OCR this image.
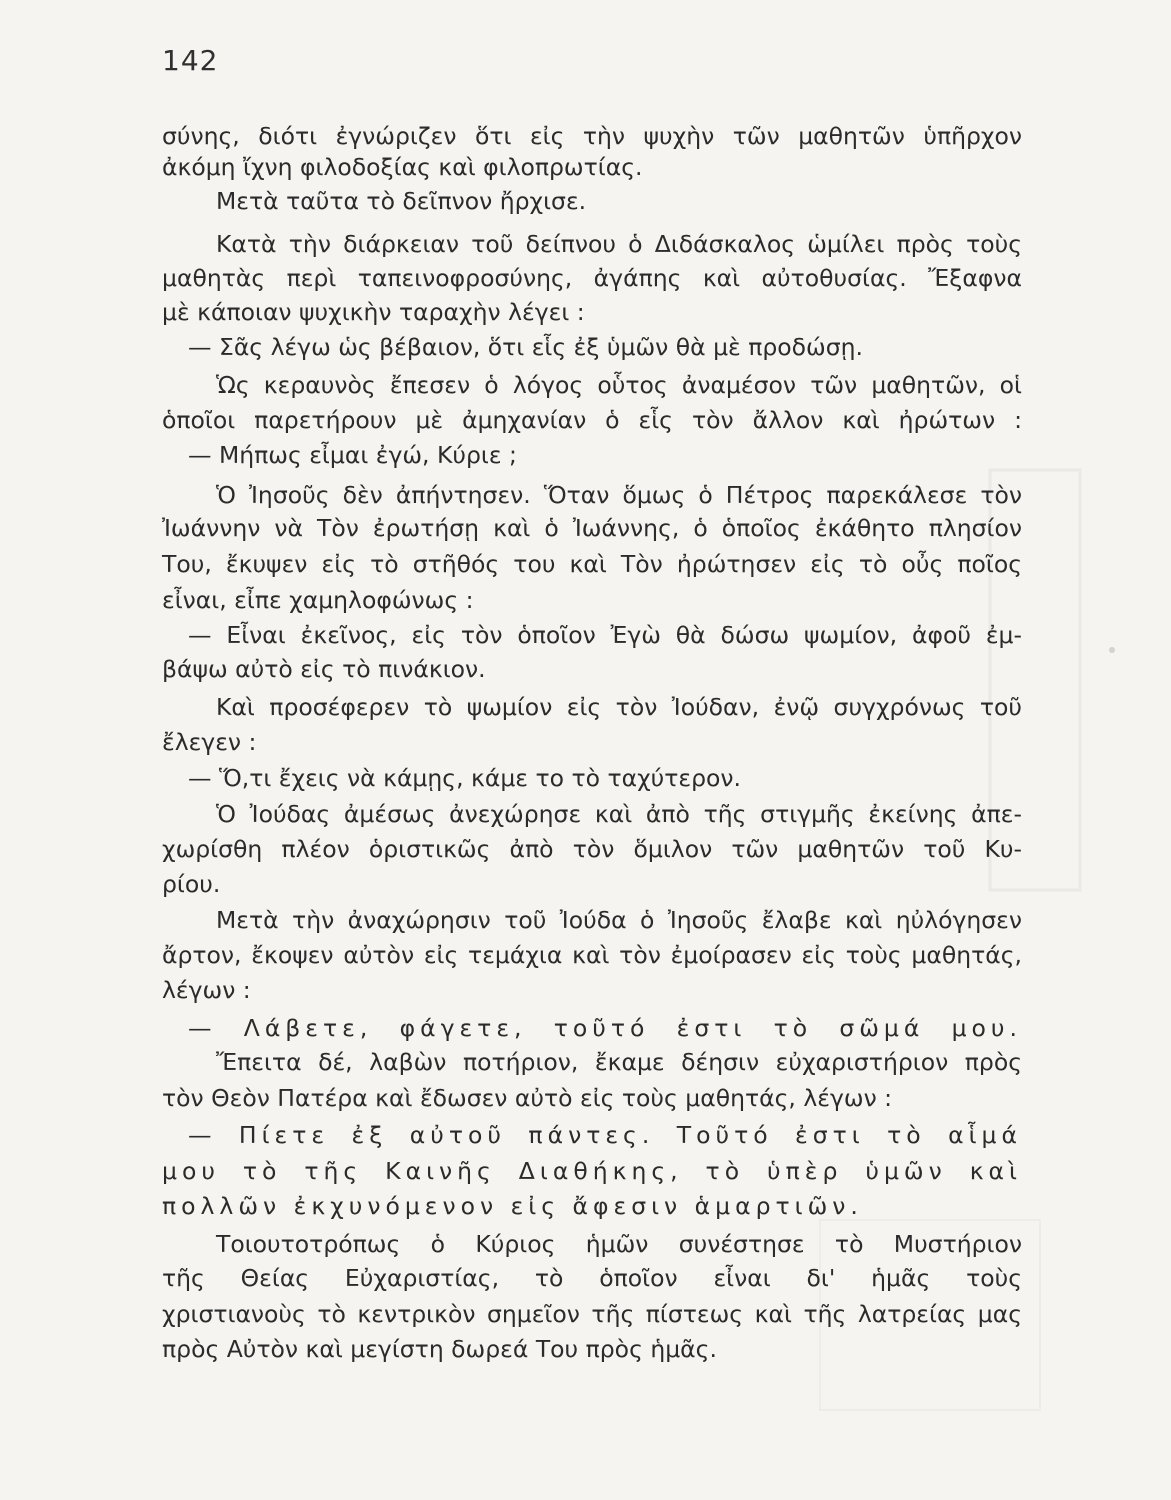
142
σύνης, διότι ἐγνώριζεν ὅτι εἰς τὴν ψυχὴν τῶν μαθητῶν ὑπῆρχον
ἀκόμη ἴχνη φιλοδοξίας καὶ φιλοπρωτίας.
Μετὰ ταῦτα τὸ δεῖπνον ἤρχισε.
Κατὰ τὴν διάρκειαν τοῦ δείπνου ὁ Διδάσκαλος ὡμίλει πρὸς τοὺς
μαθητὰς περὶ ταπεινοφροσύνης, ἀγάπης καὶ αὐτοθυσίας. Ἔξαφνα
μὲ κάποιαν ψυχικὴν ταραχὴν λέγει :
— Σᾶς λέγω ὡς βέβαιον, ὅτι εἷς ἐξ ὑμῶν θὰ μὲ προδώσῃ.
Ὡς κεραυνὸς ἔπεσεν ὁ λόγος οὗτος ἀναμέσον τῶν μαθητῶν, οἱ
ὁποῖοι παρετήρουν μὲ ἀμηχανίαν ὁ εἷς τὸν ἄλλον καὶ ἠρώτων :
— Μήπως εἶμαι ἐγώ, Κύριε ;
Ὁ Ἰησοῦς δὲν ἀπήντησεν. Ὅταν ὅμως ὁ Πέτρος παρεκάλεσε τὸν
Ἰωάννην νὰ Τὸν ἐρωτήσῃ καὶ ὁ Ἰωάννης, ὁ ὁποῖος ἐκάθητο πλησίον
Του, ἔκυψεν εἰς τὸ στῆθός του καὶ Τὸν ἠρώτησεν εἰς τὸ οὖς ποῖος
εἶναι, εἶπε χαμηλοφώνως :
— Εἶναι ἐκεῖνος, εἰς τὸν ὁποῖον Ἐγὼ θὰ δώσω ψωμίον, ἀφοῦ ἐμ-
βάψω αὐτὸ εἰς τὸ πινάκιον.
Καὶ προσέφερεν τὸ ψωμίον εἰς τὸν Ἰούδαν, ἐνῷ συγχρόνως τοῦ
ἔλεγεν :
— Ὅ,τι ἔχεις νὰ κάμῃς, κάμε το τὸ ταχύτερον.
Ὁ Ἰούδας ἀμέσως ἀνεχώρησε καὶ ἀπὸ τῆς στιγμῆς ἐκείνης ἀπε-
χωρίσθη πλέον ὁριστικῶς ἀπὸ τὸν ὅμιλον τῶν μαθητῶν τοῦ Κυ-
ρίου.
Μετὰ τὴν ἀναχώρησιν τοῦ Ἰούδα ὁ Ἰησοῦς ἔλαβε καὶ ηὐλόγησεν
ἄρτον, ἔκοψεν αὐτὸν εἰς τεμάχια καὶ τὸν ἐμοίρασεν εἰς τοὺς μαθητάς,
λέγων :
— Λάβετε, φάγετε, τοῦτό ἐστι τὸ σῶμά μου.
Ἔπειτα δέ, λαβὼν ποτήριον, ἔκαμε δέησιν εὐχαριστήριον πρὸς
τὸν Θεὸν Πατέρα καὶ ἔδωσεν αὐτὸ εἰς τοὺς μαθητάς, λέγων :
— Πίετε ἐξ αὐτοῦ πάντες. Τοῦτό ἐστι τὸ αἷμά
μου τὸ τῆς Καινῆς Διαθήκης, τὸ ὑπὲρ ὑμῶν καὶ
πολλῶν ἐκχυνόμενον εἰς ἄφεσιν ἁμαρτιῶν.
Τοιουτοτρόπως ὁ Κύριος ἡμῶν συνέστησε τὸ Μυστήριον
τῆς Θείας Εὐχαριστίας, τὸ ὁποῖον εἶναι δι' ἡμᾶς τοὺς
χριστιανοὺς τὸ κεντρικὸν σημεῖον τῆς πίστεως καὶ τῆς λατρείας μας
πρὸς Αὐτὸν καὶ μεγίστη δωρεά Του πρὸς ἡμᾶς.
